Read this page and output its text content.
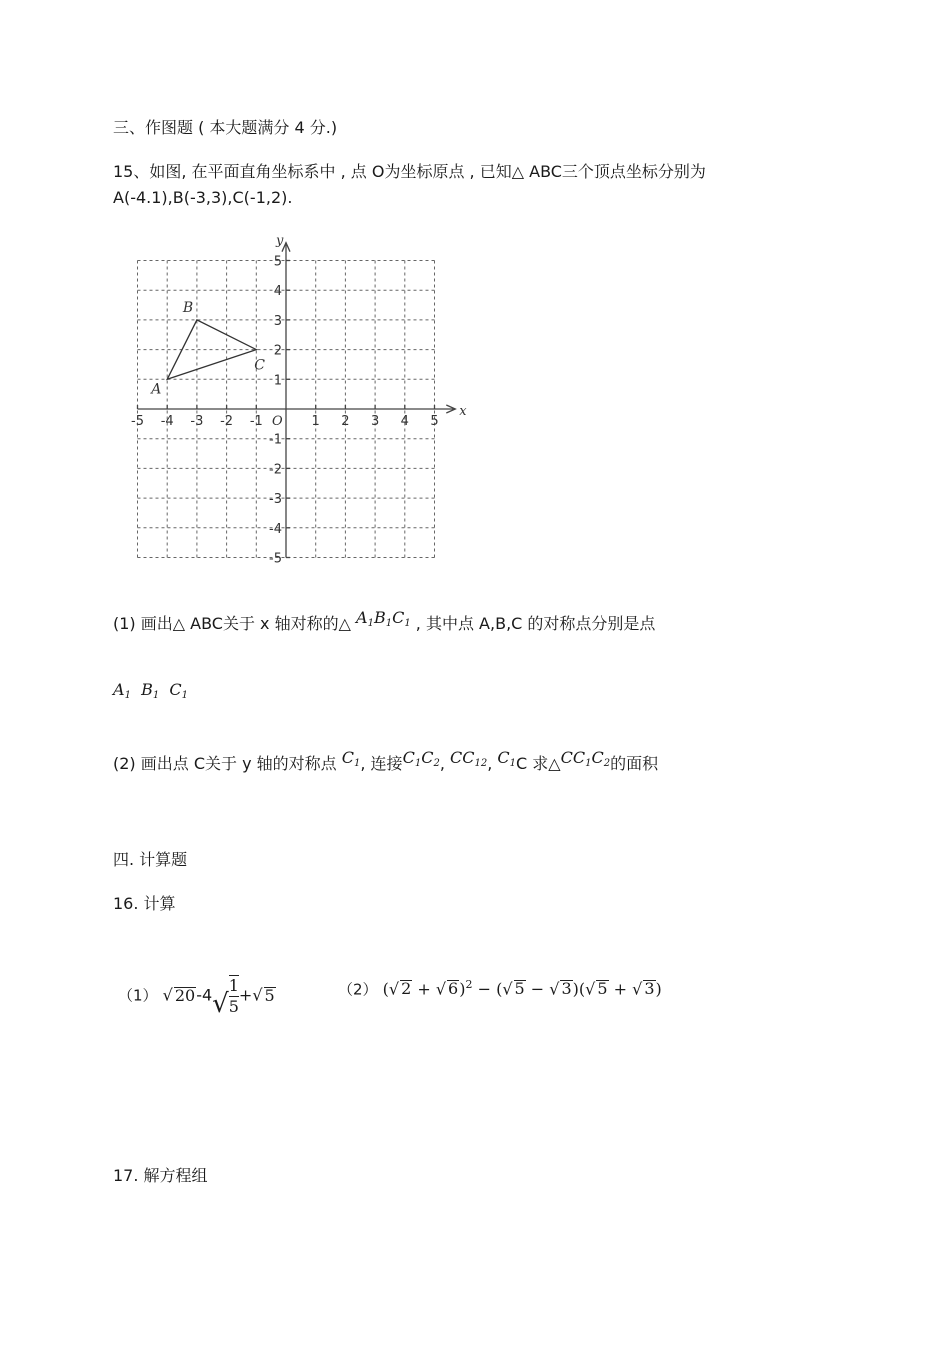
三、作图题 ( 本大题满分 4 分.)
15、如图, 在平面直角坐标系中 , 点 O为坐标原点 , 已知△ ABC三个顶点坐标分别为
A(-4.1),B(-3,3),C(-1,2).
-5 -4 -3 -2 -1	1 2 3 4 5
5
4
3
2
1
-1
-2
-3
-4
-5
O
x
y
A
B
C
(1) 画出△ ABC关于 x 轴对称的△ $A_1B_1C_1$ , 其中点 A,B,C 的对称点分别是点
$A_1$ $B_1$ $C_1$
(2) 画出点 C关于 y 轴的对称点 $C_1$, 连接$C_1C_2$, $CC_{12}$, $C_1C$ 求$\triangle CC_1C_2$的面积
四. 计算题
16. 计算
（1） √ $20-4√ \frac{1}{5}$ +√ 5	（2） (√ 2 + √ 6)$^2$ − (√ 5 − √ 3)(√ 5 + √ 3)
17. 解方程组
